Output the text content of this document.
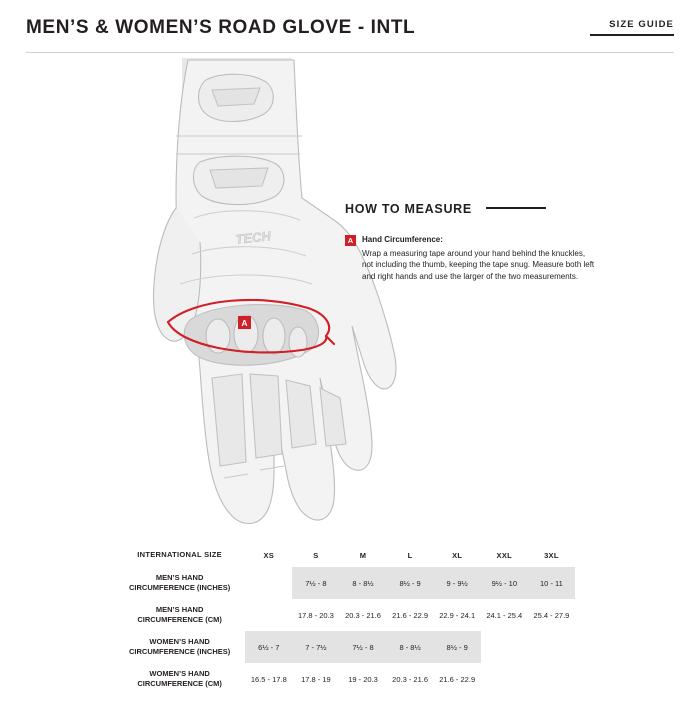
MEN’S & WOMEN’S ROAD GLOVE - INTL	SIZE GUIDE
TECH
A
HOW TO MEASURE
A	Hand Circumference:
Wrap a measuring tape around your hand behind the knuckles, not including the thumb, keeping the tape snug. Measure both left and right hands and use the larger of the two measurements.
INTERNATIONAL SIZE	XS	S	M	L	XL	XXL	3XL

MEN’S HAND
CIRCUMFERENCE (INCHES)		7½ - 8	8 - 8½	8½ - 9	9 - 9½	9½ - 10	10 - 11

MEN’S HAND
CIRCUMFERENCE (CM)		17.8 - 20.3	20.3 - 21.6	21.6 - 22.9	22.9 - 24.1	24.1 - 25.4	25.4 - 27.9

WOMEN’S HAND
CIRCUMFERENCE (INCHES)	6½ - 7	7 - 7½	7½ - 8	8 - 8½	8½ - 9		

WOMEN’S HAND
CIRCUMFERENCE (CM)	16.5 - 17.8	17.8 - 19	19 - 20.3	20.3 - 21.6	21.6 - 22.9		
